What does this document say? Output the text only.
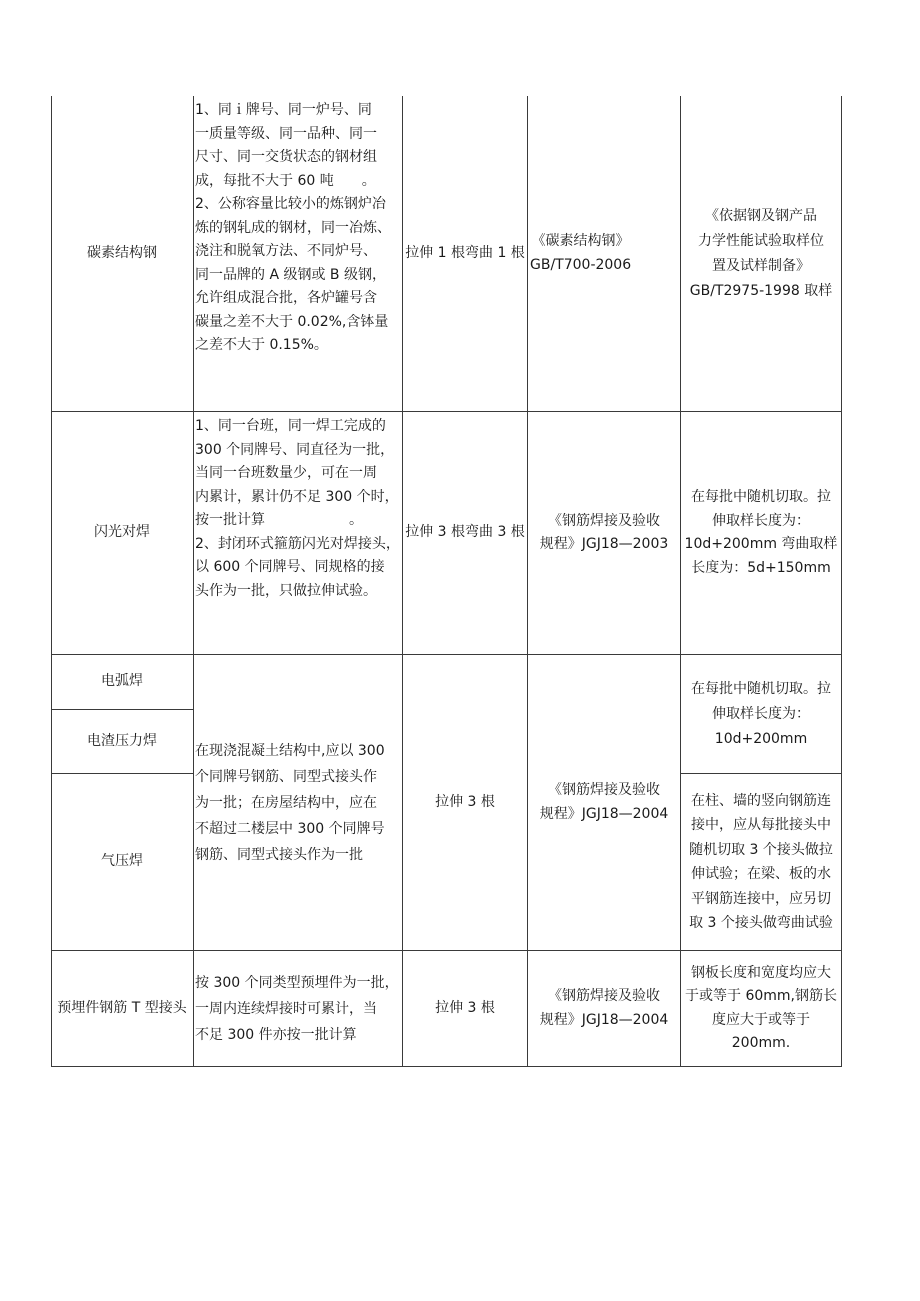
碳素结构钢
1、同ｉ牌号、同一炉号、同
一质量等级、同一品种、同一
尺寸、同一交货状态的钢材组
成，每批不大于 60 吨　　。
2、公称容量比较小的炼钢炉冶
炼的钢轧成的钢材，同一冶炼、
浇注和脱氧方法、不同炉号、
同一品牌的 A 级钢或 B 级钢，
允许组成混合批，各炉罐号含
碳量之差不大于 0.02%,含钵量
之差不大于 0.15%。
拉伸 1 根弯曲 1 根
《碳素结构钢》
GB/T700-2006
《依据钢及钢产品
力学性能试验取样位
置及试样制备》
GB/T2975-1998 取样
闪光对焊
1、同一台班，同一焊工完成的
300 个同牌号、同直径为一批，
当同一台班数量少，可在一周
内累计，累计仍不足 300 个时，
按一批计算　　　　　　。
2、封闭环式箍筋闪光对焊接头，
以 600 个同牌号、同规格的接
头作为一批，只做拉伸试验。
拉伸 3 根弯曲 3 根
《钢筋焊接及验收
规程》JGJ18—2003
在每批中随机切取。拉
伸取样长度为：
10d+200mm 弯曲取样
长度为：5d+150mm
电弧焊
电渣压力焊
气压焊
在现浇混凝土结构中,应以 300
个同牌号钢筋、同型式接头作
为一批；在房屋结构中，应在
不超过二楼层中 300 个同牌号
钢筋、同型式接头作为一批
拉伸 3 根
《钢筋焊接及验收
规程》JGJ18—2004
在每批中随机切取。拉
伸取样长度为：
10d+200mm
在柱、墙的竖向钢筋连
接中，应从每批接头中
随机切取 3 个接头做拉
伸试验；在梁、板的水
平钢筋连接中，应另切
取 3 个接头做弯曲试验
预埋件钢筋 T 型接头
按 300 个同类型预埋件为一批，
一周内连续焊接时可累计，当
不足 300 件亦按一批计算
拉伸 3 根
《钢筋焊接及验收
规程》JGJ18—2004
钢板长度和宽度均应大
于或等于 60mm,钢筋长
度应大于或等于
200mm.
